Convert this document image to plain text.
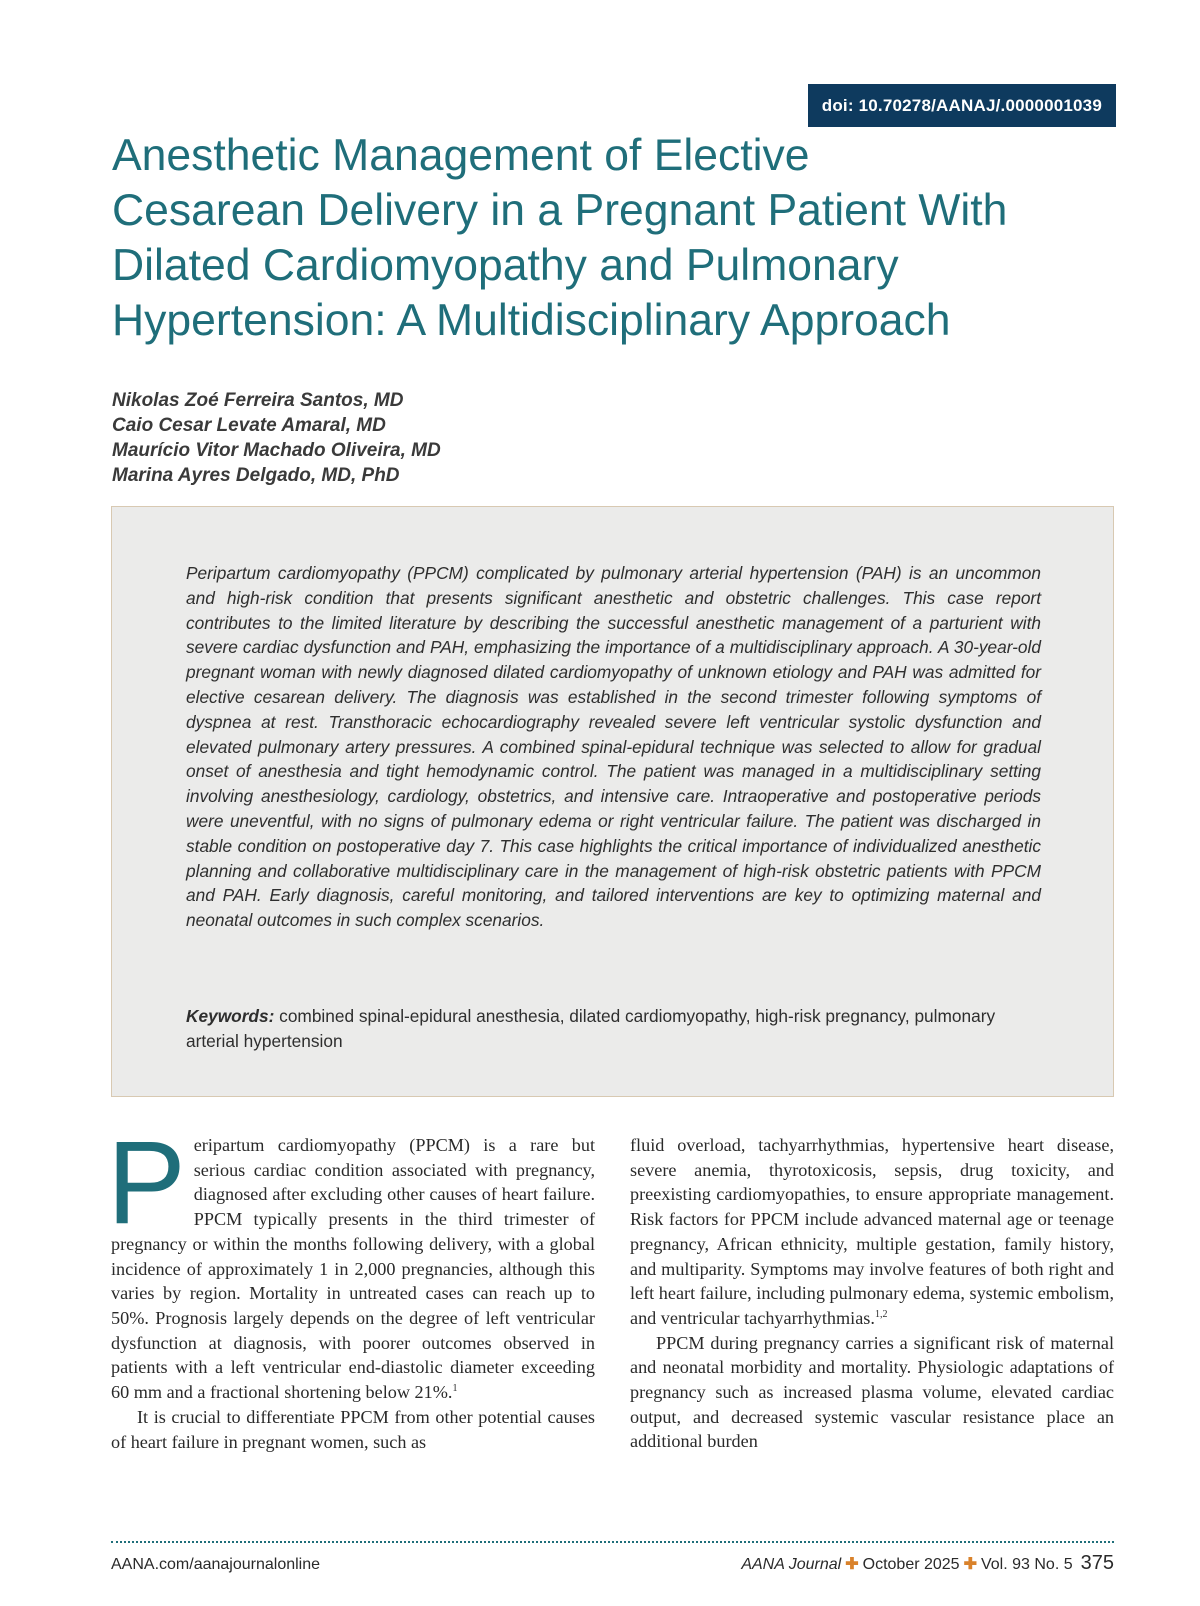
doi: 10.70278/AANAJ/.0000001039
Anesthetic Management of Elective
Cesarean Delivery in a Pregnant Patient With
Dilated Cardiomyopathy and Pulmonary
Hypertension: A Multidisciplinary Approach
Nikolas Zoé Ferreira Santos, MD
Caio Cesar Levate Amaral, MD
Maurício Vitor Machado Oliveira, MD
Marina Ayres Delgado, MD, PhD

Peripartum cardiomyopathy (PPCM) complicated by pulmonary arterial hypertension (PAH) is an uncommon and high-risk condition that presents significant anesthetic and obstetric challenges. This case report contributes to the limited literature by describing the successful anesthetic management of a parturient with severe cardiac dysfunction and PAH, emphasizing the importance of a multidisciplinary approach. A 30-year-old pregnant woman with newly diagnosed dilated cardiomyopathy of unknown etiology and PAH was admitted for elective cesarean delivery. The diagnosis was established in the second trimester following symptoms of dyspnea at rest. Transthoracic echocardiography revealed severe left ventricular systolic dysfunction and elevated pulmonary artery pressures. A combined spinal-epidural technique was selected to allow for gradual onset of anesthesia and tight hemodynamic control. The patient was managed in a multidisciplinary setting involving anesthesiology, cardiology, obstetrics, and intensive care. Intraoperative and postoperative periods were uneventful, with no signs of pulmonary edema or right ventricular failure. The patient was discharged in stable condition on postoperative day 7. This case highlights the critical importance of individualized anesthetic planning and collaborative multidisciplinary care in the management of high-risk obstetric patients with PPCM and PAH. Early diagnosis, careful monitoring, and tailored interventions are key to optimizing maternal and neonatal outcomes in such complex scenarios.

Keywords: combined spinal-epidural anesthesia, dilated cardiomyopathy, high-risk pregnancy, pulmonary arterial hypertension

Peripartum cardiomyopathy (PPCM) is a rare but serious cardiac condition associated with pregnancy, diagnosed after excluding other causes of heart failure. PPCM typically presents in the third trimester of pregnancy or within the months following delivery, with a global incidence of approximately 1 in 2,000 pregnancies, although this varies by region. Mortality in untreated cases can reach up to 50%. Prognosis largely depends on the degree of left ventricular dysfunction at diagnosis, with poorer outcomes observed in patients with a left ventricular end-diastolic diameter exceeding 60 mm and a fractional shortening below 21%.$^1$

It is crucial to differentiate PPCM from other potential causes of heart failure in pregnant women, such as

fluid overload, tachyarrhythmias, hypertensive heart disease, severe anemia, thyrotoxicosis, sepsis, drug toxicity, and preexisting cardiomyopathies, to ensure appropriate management. Risk factors for PPCM include advanced maternal age or teenage pregnancy, African ethnicity, multiple gestation, family history, and multiparity. Symptoms may involve features of both right and left heart failure, including pulmonary edema, systemic embolism, and ventricular tachyarrhythmias.$^{1,2}$

PPCM during pregnancy carries a significant risk of maternal and neonatal morbidity and mortality. Physiologic adaptations of pregnancy such as increased plasma volume, elevated cardiac output, and decreased systemic vascular resistance place an additional burden

AANA.com/aanajournalonline	AANA Journal ✚ October 2025 ✚ Vol. 93 No. 5 375
